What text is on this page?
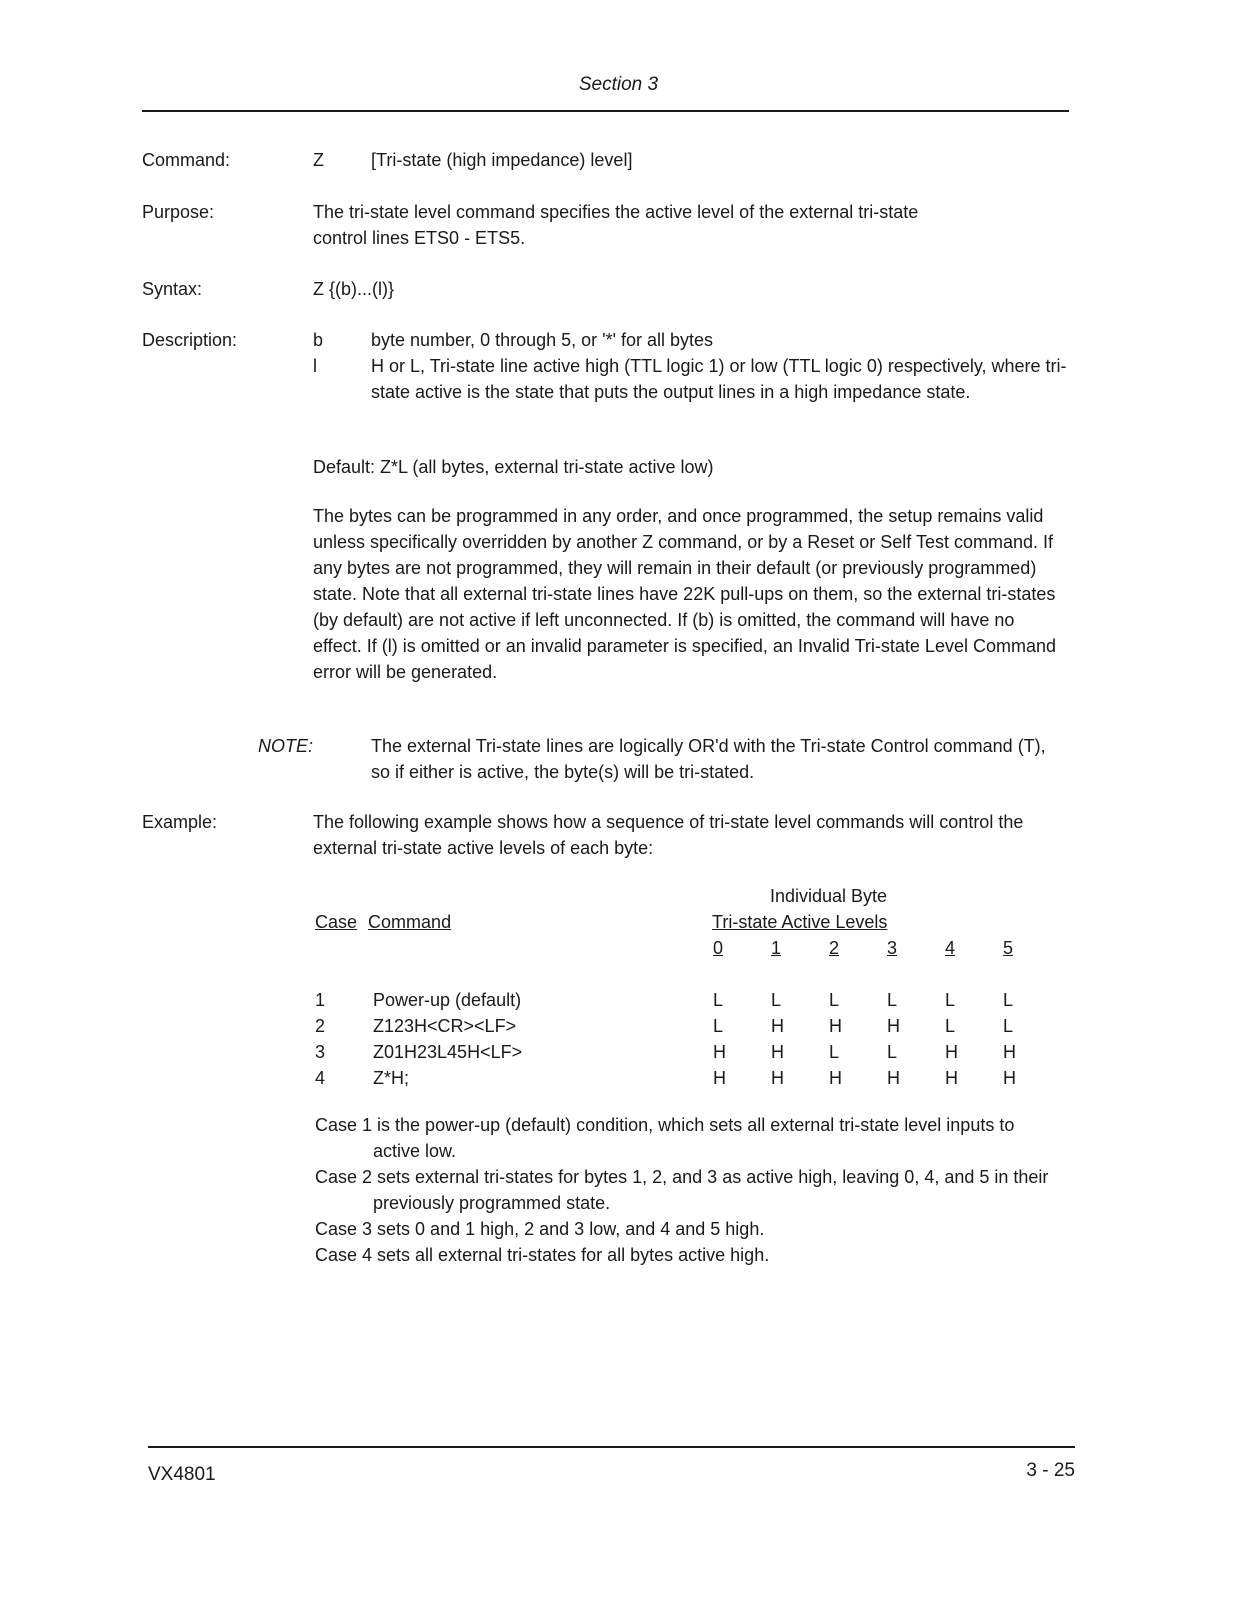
Section 3
Command:	Z	[Tri-state (high impedance) level]
Purpose:	The tri-state level command specifies the active level of the external tri-state
control lines ETS0 - ETS5.
Syntax:	Z {(b)...(l)}
Description:	b	byte number, 0 through 5, or '*' for all bytes
l	H or L, Tri-state line active high (TTL logic 1) or low (TTL logic 0) respectively, where tri-state active is the state that puts the output lines in a high impedance state.
Default: Z*L (all bytes, external tri-state active low)
The bytes can be programmed in any order, and once programmed, the setup remains valid unless specifically overridden by another Z command, or by a Reset or Self Test command. If any bytes are not programmed, they will remain in their default (or previously programmed) state. Note that all external tri-state lines have 22K pull-ups on them, so the external tri-states (by default) are not active if left unconnected. If (b) is omitted, the command will have no effect. If (l) is omitted or an invalid parameter is specified, an Invalid Tri-state Level Command error will be generated.
NOTE:	The external Tri-state lines are logically OR'd with the Tri-state Control command (T), so if either is active, the byte(s) will be tri-stated.
Example:	The following example shows how a sequence of tri-state level commands will control the external tri-state active levels of each byte:
Individual Byte
Tri-state Active Levels
Case Command
		0	1	2	3	4	5

1	Power-up (default)	L	L	L	L	L	L
2	Z123H<CR><LF>	L	H	H	H	L	L
3	Z01H23L45H<LF>	H	H	L	L	H	H
4	Z*H;	H	H	H	H	H	H
Case 1 is the power-up (default) condition, which sets all external tri-state level inputs to active low.
Case 2 sets external tri-states for bytes 1, 2, and 3 as active high, leaving 0, 4, and 5 in their previously programmed state.
Case 3 sets 0 and 1 high, 2 and 3 low, and 4 and 5 high.
Case 4 sets all external tri-states for all bytes active high.
VX4801	3 - 25
